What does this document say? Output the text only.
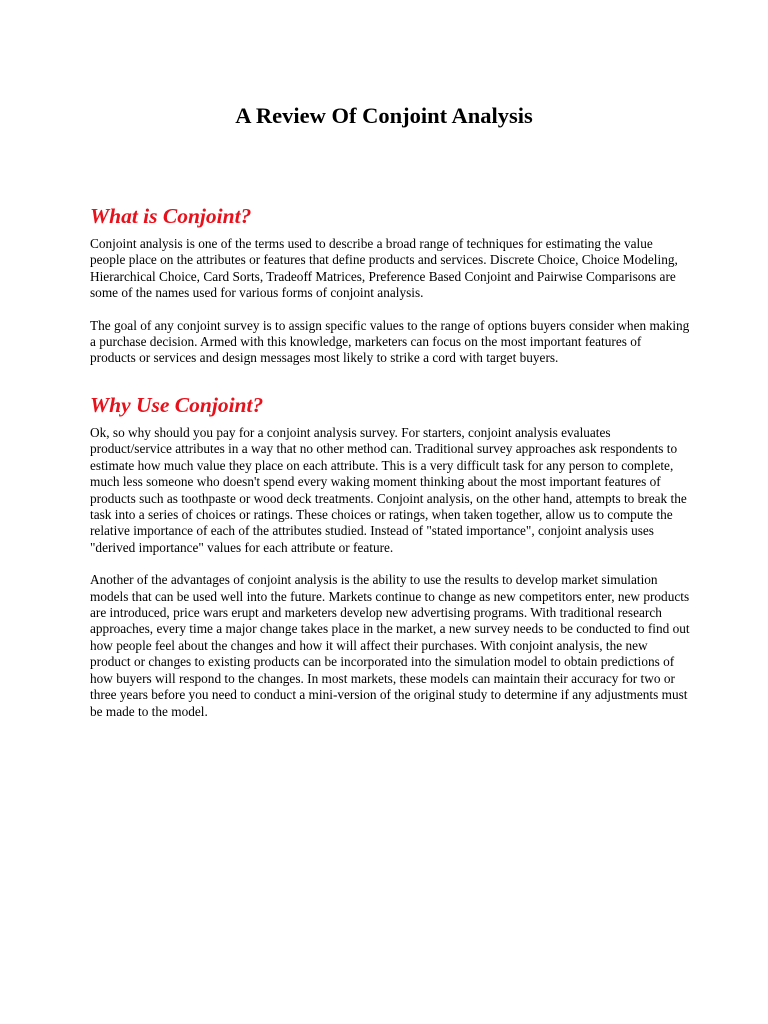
A Review Of Conjoint Analysis
What is Conjoint?

Conjoint analysis is one of the terms used to describe a broad range of techniques for estimating the value people place on the attributes or features that define products and services. Discrete Choice, Choice Modeling, Hierarchical Choice, Card Sorts, Tradeoff Matrices, Preference Based Conjoint and Pairwise Comparisons are some of the names used for various forms of conjoint analysis.

The goal of any conjoint survey is to assign specific values to the range of options buyers consider when making a purchase decision. Armed with this knowledge, marketers can focus on the most important features of products or services and design messages most likely to strike a cord with target buyers.

Why Use Conjoint?

Ok, so why should you pay for a conjoint analysis survey. For starters, conjoint analysis evaluates product/service attributes in a way that no other method can. Traditional survey approaches ask respondents to estimate how much value they place on each attribute. This is a very difficult task for any person to complete, much less someone who doesn't spend every waking moment thinking about the most important features of products such as toothpaste or wood deck treatments. Conjoint analysis, on the other hand, attempts to break the task into a series of choices or ratings. These choices or ratings, when taken together, allow us to compute the relative importance of each of the attributes studied. Instead of "stated importance", conjoint analysis uses "derived importance" values for each attribute or feature.

Another of the advantages of conjoint analysis is the ability to use the results to develop market simulation models that can be used well into the future. Markets continue to change as new competitors enter, new products are introduced, price wars erupt and marketers develop new advertising programs. With traditional research approaches, every time a major change takes place in the market, a new survey needs to be conducted to find out how people feel about the changes and how it will affect their purchases. With conjoint analysis, the new product or changes to existing products can be incorporated into the simulation model to obtain predictions of how buyers will respond to the changes. In most markets, these models can maintain their accuracy for two or three years before you need to conduct a mini-version of the original study to determine if any adjustments must be made to the model.
